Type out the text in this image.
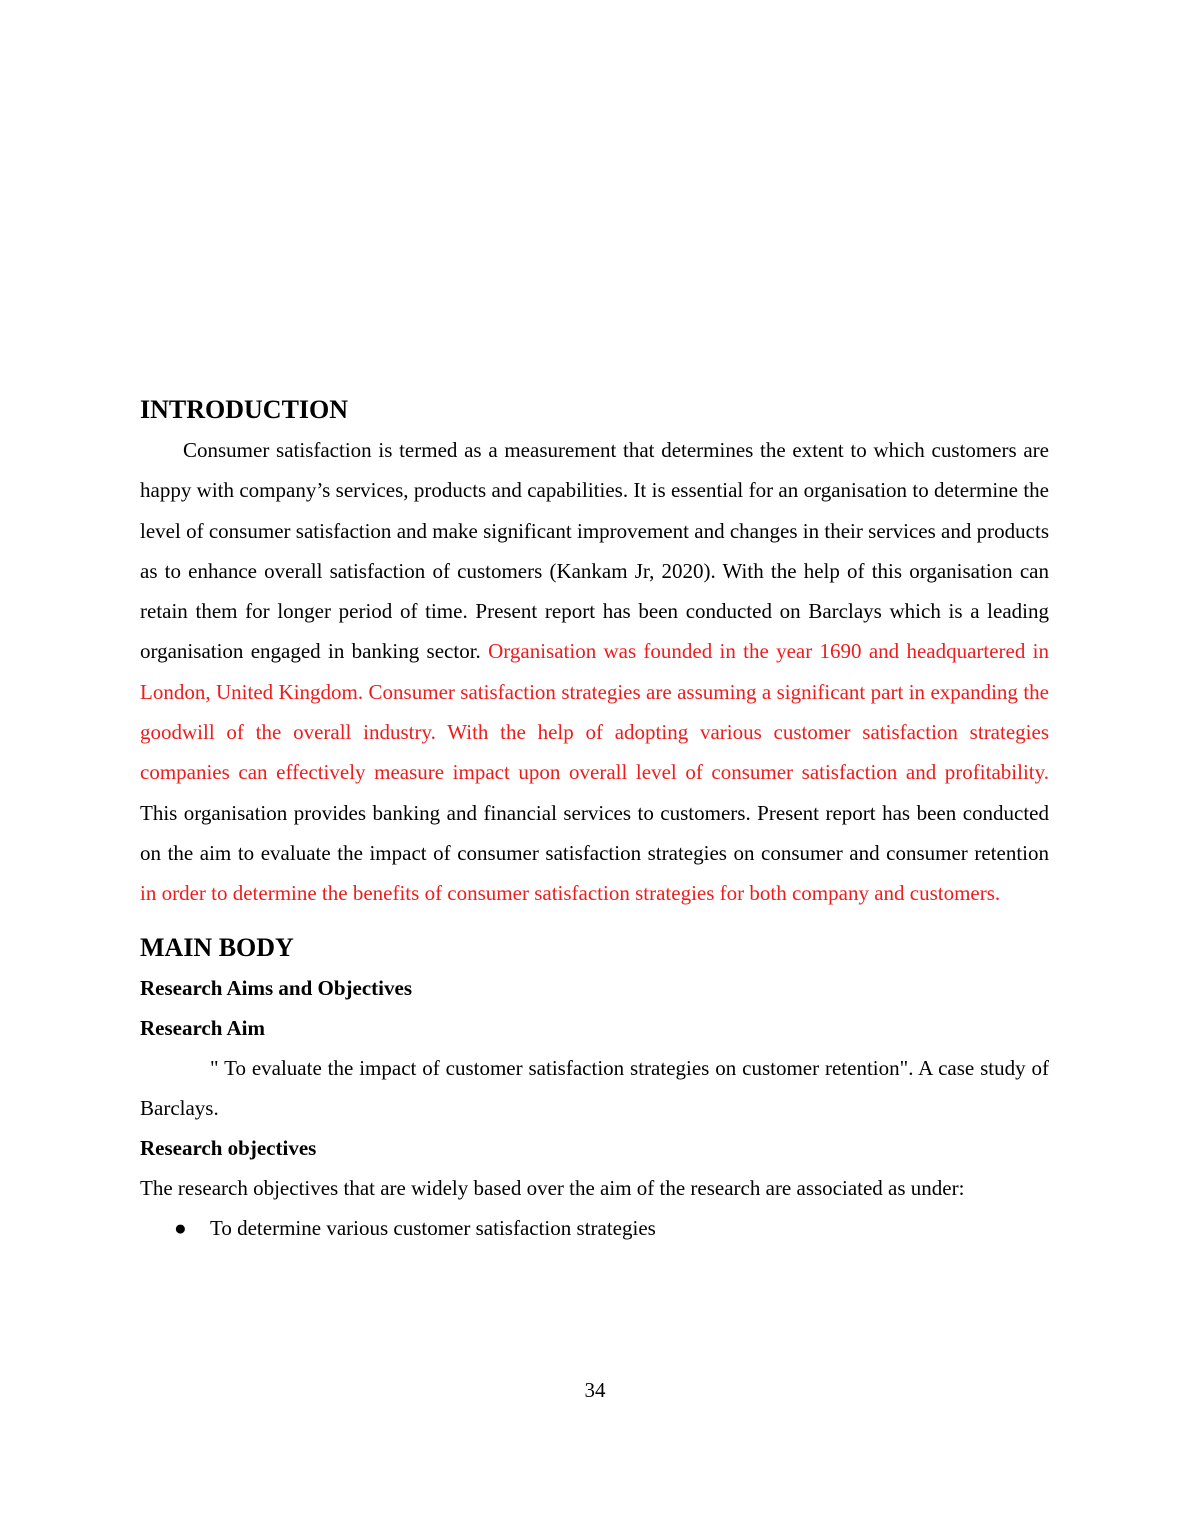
INTRODUCTION

Consumer satisfaction is termed as a measurement that determines the extent to which customers are happy with company’s services, products and capabilities. It is essential for an organisation to determine the level of consumer satisfaction and make significant improvement and changes in their services and products as to enhance overall satisfaction of customers (Kankam Jr, 2020). With the help of this organisation can retain them for longer period of time. Present report has been conducted on Barclays which is a leading organisation engaged in banking sector. Organisation was founded in the year 1690 and headquartered in London, United Kingdom. Consumer satisfaction strategies are assuming a significant part in expanding the goodwill of the overall industry. With the help of adopting various customer satisfaction strategies companies can effectively measure impact upon overall level of consumer satisfaction and profitability. This organisation provides banking and financial services to customers. Present report has been conducted on the aim to evaluate the impact of consumer satisfaction strategies on consumer and consumer retention in order to determine the benefits of consumer satisfaction strategies for both company and customers.

MAIN BODY
Research Aims and Objectives
Research Aim

" To evaluate the impact of customer satisfaction strategies on customer retention". A case study of Barclays.

Research objectives

The research objectives that are widely based over the aim of the research are associated as under:

● To determine various customer satisfaction strategies
34
